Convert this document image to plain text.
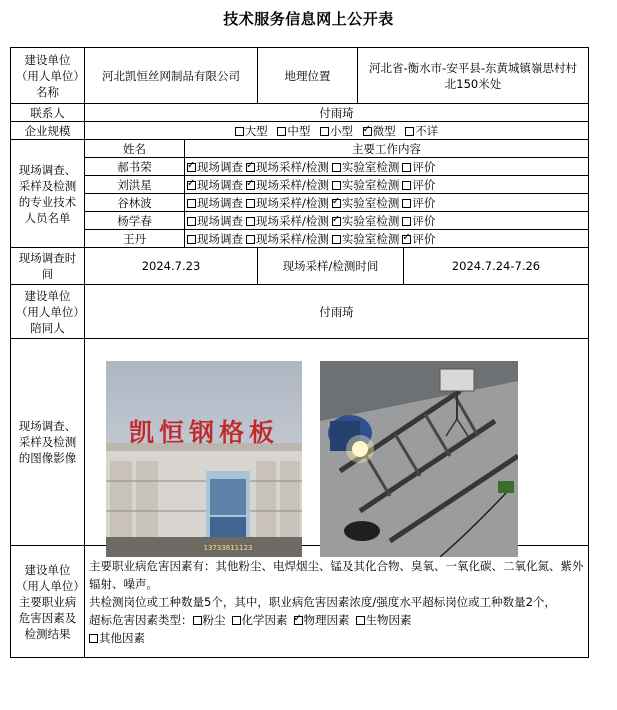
技术服务信息网上公开表
建设单位（用人单位）名称	河北凯恒丝网制品有限公司		地理位置	河北省-衡水市-安平县-东黄城镇嶺思村村北150米处	
联系人	付雨琦				
企业规模	大型 中型 小型 ✓ 微型 不详
现场调查、采样及检测的专业技术人员名单	姓名	主要工作内容			
	郝书荣	✓现场调查 ✓ 现场采样/检测 实验室检测 评价
	刘洪星	✓现场调查 ✓ 现场采样/检测 实验室检测 评价
	谷林波	现场调查 现场采样/检测 ✓ 实验室检测 评价
	杨学春	现场调查 现场采样/检测 ✓ 实验室检测 评价
	王丹	现场调查 现场采样/检测 实验室检测 ✓ 评价
现场调查时间	2024.7.23		现场采样/检测时间		2024.7.24-7.26
建设单位（用人单位）陪同人	付雨琦				
现场调查、采样及检测的图像影像					
建设单位（用人单位）主要职业病危害因素及检测结果	主要职业病危害因素有：其他粉尘、电焊烟尘、锰及其化合物、臭氧、一氧化碳、二氧化氮、紫外辐射、噪声。
共检测岗位或工种数量5个，其中，职业病危害因素浓度/强度水平超标岗位或工种数量2个，
超标危害因素类型： 粉尘 化学因素 ✓ 物理因素 生物因素
其他因素
凯恒钢格板
13733811123
